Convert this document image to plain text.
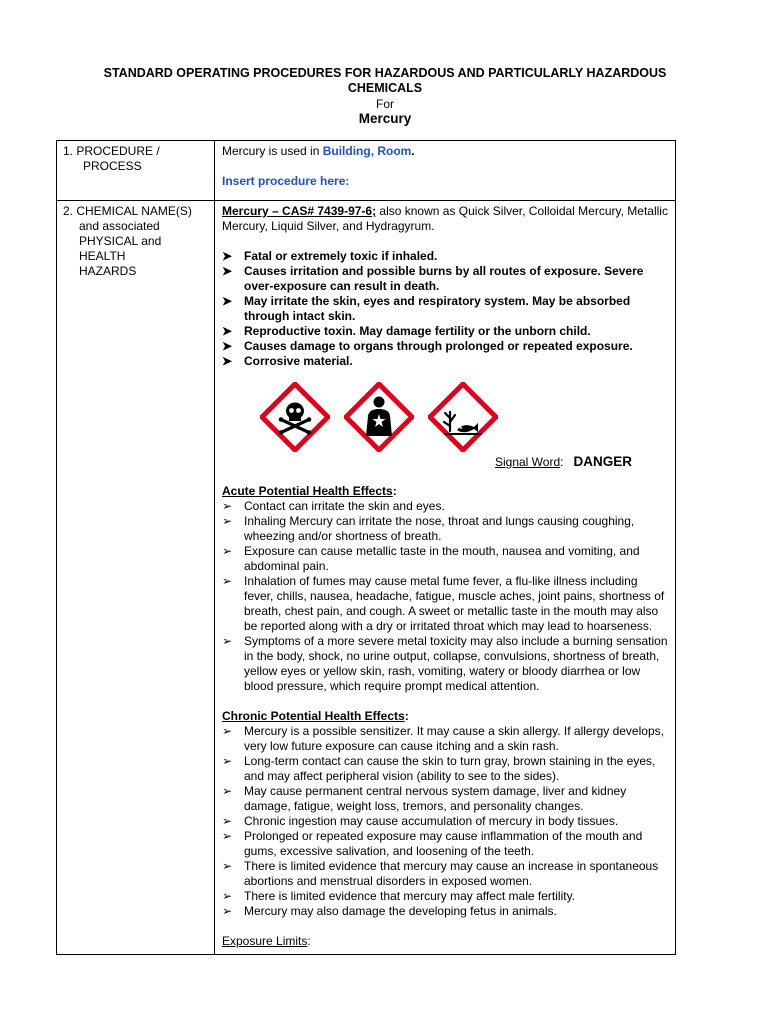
STANDARD OPERATING PROCEDURES FOR HAZARDOUS AND PARTICULARLY HAZARDOUS CHEMICALS
For
Mercury
1. PROCEDURE /
PROCESS
Mercury is used in Building, Room.
Insert procedure here:
2. CHEMICAL NAME(S)
and associated
PHYSICAL and
HEALTH
HAZARDS
Mercury – CAS# 7439-97-6; also known as Quick Silver, Colloidal Mercury, Metallic Mercury, Liquid Silver, and Hydragyrum.
➤ Fatal or extremely toxic if inhaled.
➤ Causes irritation and possible burns by all routes of exposure. Severe over-exposure can result in death.
➤ May irritate the skin, eyes and respiratory system. May be absorbed through intact skin.
➤ Reproductive toxin. May damage fertility or the unborn child.
➤ Causes damage to organs through prolonged or repeated exposure.
➤ Corrosive material.
Signal Word: DANGER
Acute Potential Health Effects:
➢ Contact can irritate the skin and eyes.
➢ Inhaling Mercury can irritate the nose, throat and lungs causing coughing, wheezing and/or shortness of breath.
➢ Exposure can cause metallic taste in the mouth, nausea and vomiting, and abdominal pain.
➢ Inhalation of fumes may cause metal fume fever, a flu-like illness including fever, chills, nausea, headache, fatigue, muscle aches, joint pains, shortness of breath, chest pain, and cough. A sweet or metallic taste in the mouth may also be reported along with a dry or irritated throat which may lead to hoarseness.
➢ Symptoms of a more severe metal toxicity may also include a burning sensation in the body, shock, no urine output, collapse, convulsions, shortness of breath, yellow eyes or yellow skin, rash, vomiting, watery or bloody diarrhea or low blood pressure, which require prompt medical attention.
Chronic Potential Health Effects:
➢ Mercury is a possible sensitizer. It may cause a skin allergy. If allergy develops, very low future exposure can cause itching and a skin rash.
➢ Long-term contact can cause the skin to turn gray, brown staining in the eyes, and may affect peripheral vision (ability to see to the sides).
➢ May cause permanent central nervous system damage, liver and kidney damage, fatigue, weight loss, tremors, and personality changes.
➢ Chronic ingestion may cause accumulation of mercury in body tissues.
➢ Prolonged or repeated exposure may cause inflammation of the mouth and gums, excessive salivation, and loosening of the teeth.
➢ There is limited evidence that mercury may cause an increase in spontaneous abortions and menstrual disorders in exposed women.
➢ There is limited evidence that mercury may affect male fertility.
➢ Mercury may also damage the developing fetus in animals.
Exposure Limits:
